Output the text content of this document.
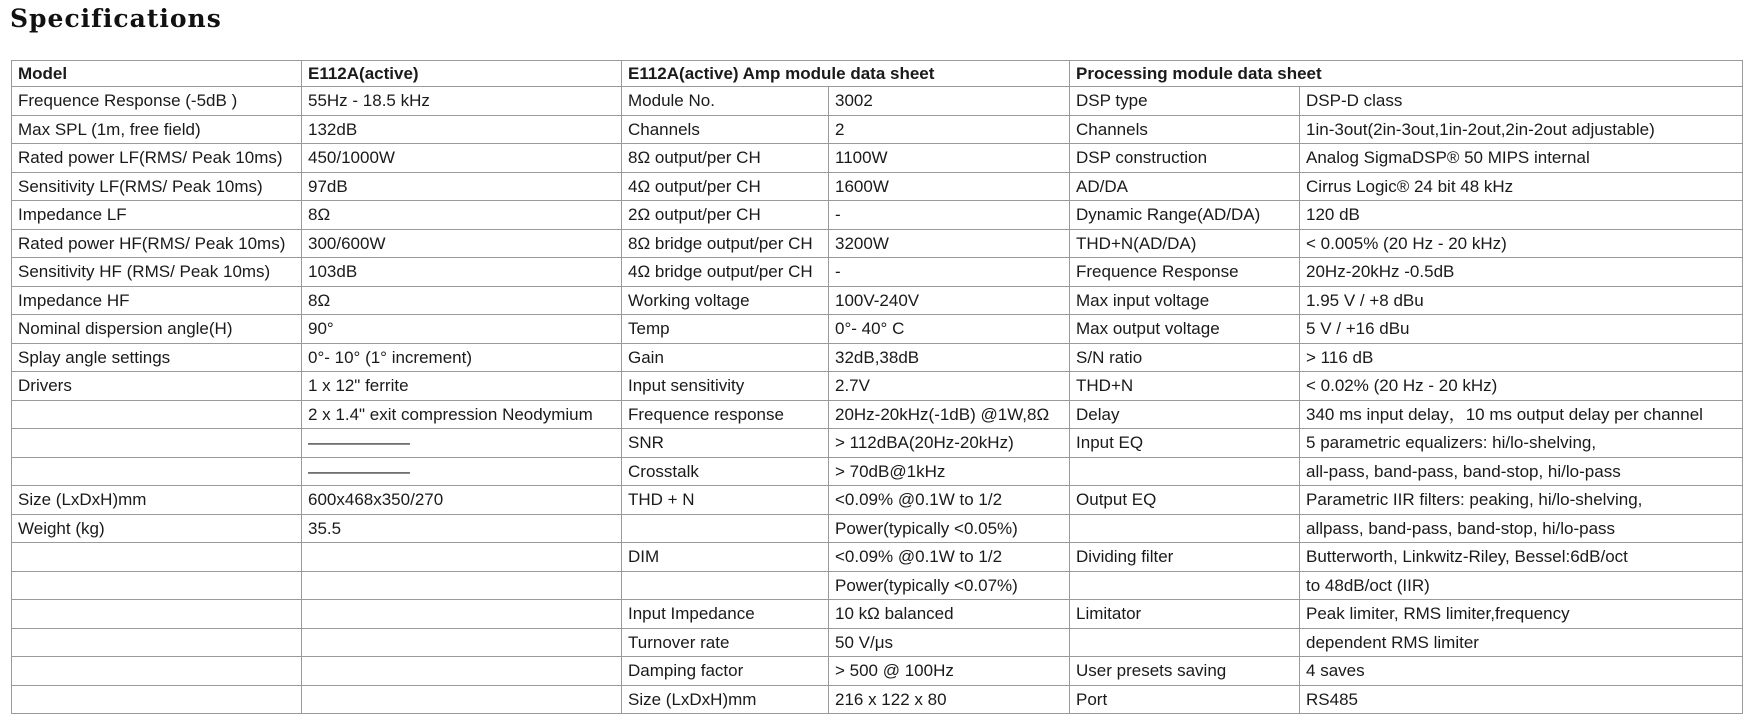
Specifications
Model	E112A(active)	E112A(active) Amp module data sheet		Processing module data sheet	
Frequence Response (-5dB )	55Hz - 18.5 kHz	Module No.	3002	DSP type	DSP-D class
Max SPL (1m, free field)	132dB	Channels	2	Channels	1in-3out(2in-3out,1in-2out,2in-2out adjustable)
Rated power LF(RMS/ Peak 10ms)	450/1000W	8Ω output/per CH	1100W	DSP construction	Analog SigmaDSP® 50 MIPS internal
Sensitivity LF(RMS/ Peak 10ms)	97dB	4Ω output/per CH	1600W	AD/DA	Cirrus Logic® 24 bit 48 kHz
Impedance LF	8Ω	2Ω output/per CH	-	Dynamic Range(AD/DA)	120 dB
Rated power HF(RMS/ Peak 10ms)	300/600W	8Ω bridge output/per CH	3200W	THD+N(AD/DA)	< 0.005% (20 Hz - 20 kHz)
Sensitivity HF (RMS/ Peak 10ms)	103dB	4Ω bridge output/per CH	-	Frequence Response	20Hz-20kHz -0.5dB
Impedance HF	8Ω	Working voltage	100V-240V	Max input voltage	1.95 V / +8 dBu
Nominal dispersion angle(H)	90°	Temp	0°- 40° C	Max output voltage	5 V / +16 dBu
Splay angle settings	0°- 10° (1° increment)	Gain	32dB,38dB	S/N ratio	> 116 dB
Drivers	1 x 12" ferrite	Input sensitivity	2.7V	THD+N	< 0.02% (20 Hz - 20 kHz)
	2 x 1.4" exit compression Neodymium	Frequence response	20Hz-20kHz(-1dB) @1W,8Ω	Delay	340 ms input delay，10 ms output delay per channel
	——————	SNR	> 112dBA(20Hz-20kHz)	Input EQ	5 parametric equalizers: hi/lo-shelving,
	——————	Crosstalk	> 70dB@1kHz		all-pass, band-pass, band-stop, hi/lo-pass
Size (LxDxH)mm	600x468x350/270	THD + N	<0.09% @0.1W to 1/2	Output EQ	Parametric IIR filters: peaking, hi/lo-shelving,
Weight (kg)	35.5		Power(typically <0.05%)		allpass, band-pass, band-stop, hi/lo-pass
		DIM	<0.09% @0.1W to 1/2	Dividing filter	Butterworth, Linkwitz-Riley, Bessel:6dB/oct
			Power(typically <0.07%)		to 48dB/oct (IIR)
		Input Impedance	10 kΩ balanced	Limitator	Peak limiter, RMS limiter,frequency
		Turnover rate	50 V/μs		dependent RMS limiter
		Damping factor	> 500 @ 100Hz	User presets saving	4 saves
		Size (LxDxH)mm	216 x 122 x 80	Port	RS485
